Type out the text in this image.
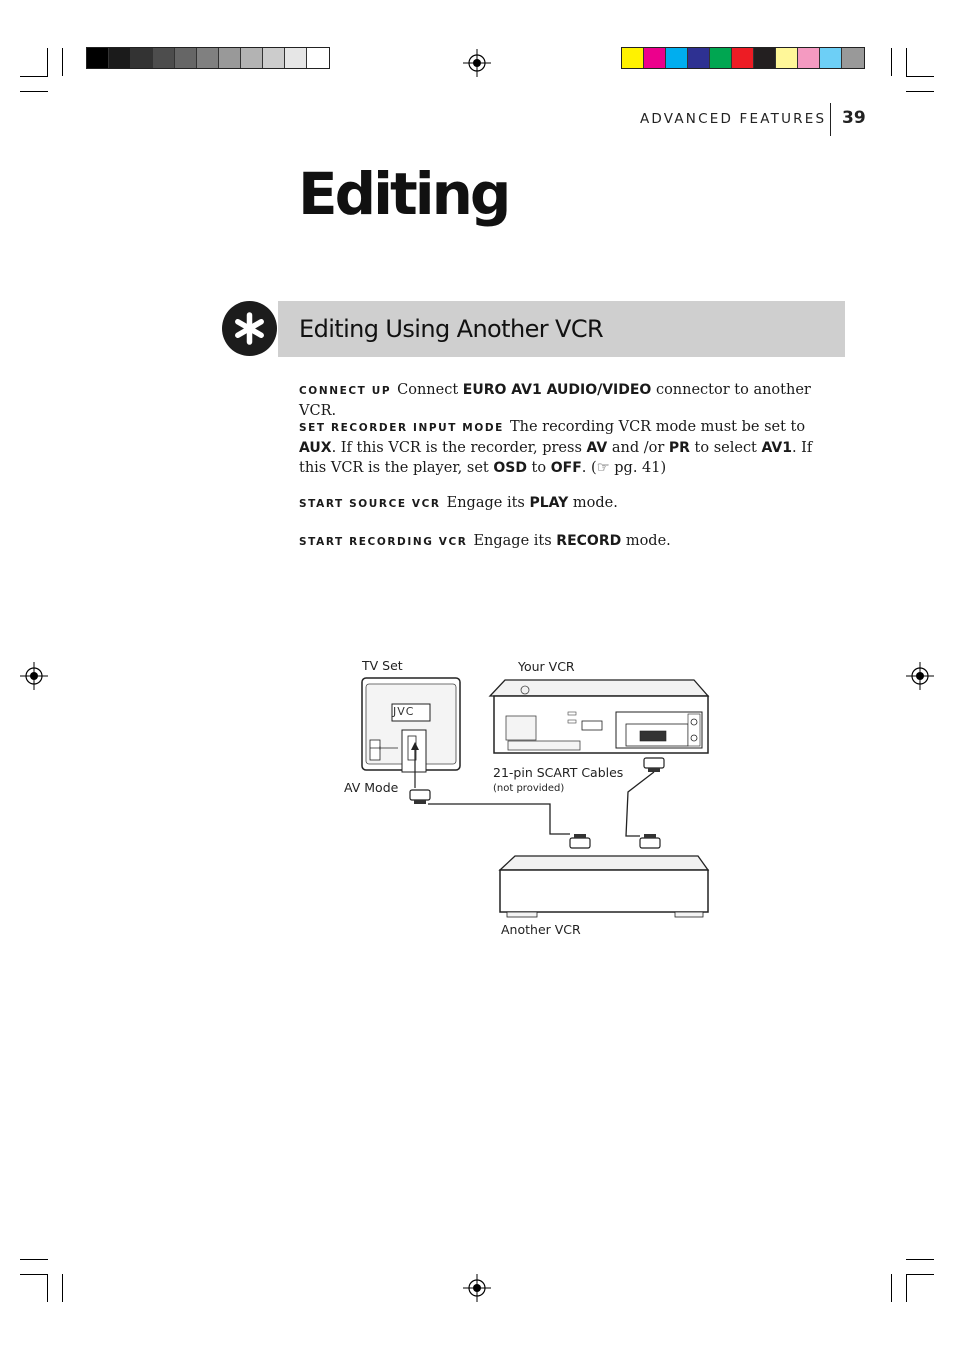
ADVANCED FEATURES 39
Editing
Editing Using Another VCR
CONNECT UP Connect EURO AV1 AUDIO/VIDEO connector to another VCR.
SET RECORDER INPUT MODE The recording VCR mode must be set to AUX. If this VCR is the recorder, press AV and /or PR to select AV1. If this VCR is the player, set OSD to OFF. (☞ pg. 41)
START SOURCE VCR Engage its PLAY mode.
START RECORDING VCR Engage its RECORD mode.
JVC
TV Set	Your VCR
AV Mode
21-pin SCART Cables
(not provided)
Another VCR
